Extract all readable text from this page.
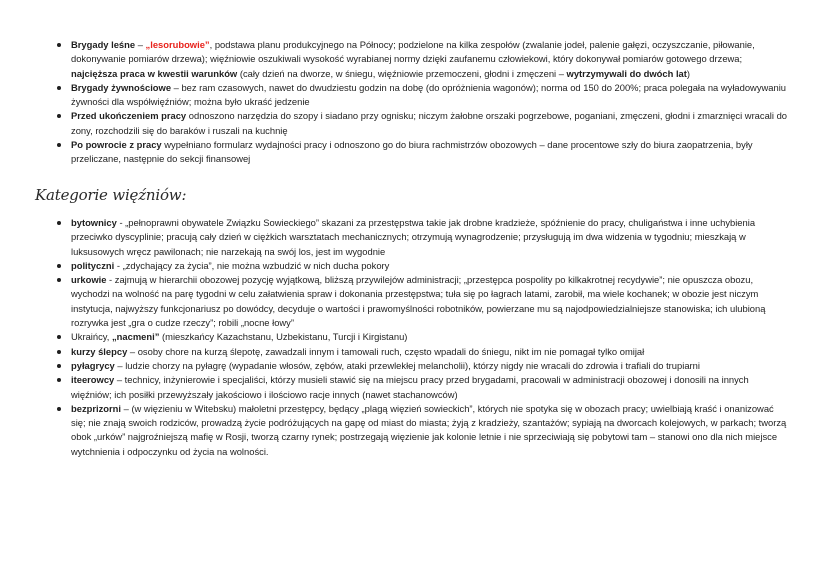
Brygady leśne – „lesorubowie”, podstawa planu produkcyjnego na Północy; podzielone na kilka zespołów (zwalanie jodeł, palenie gałęzi, oczyszczanie, piłowanie, dokonywanie pomiarów drzewa); więźniowie oszukiwali wysokość wyrabianej normy dzięki zaufanemu człowiekowi, który dokonywał pomiarów gotowego drzewa; najcięższa praca w kwestii warunków (cały dzień na dworze, w śniegu, więźniowie przemoczeni, głodni i zmęczeni – wytrzymywali do dwóch lat)
Brygady żywnościowe – bez ram czasowych, nawet do dwudziestu godzin na dobę (do opróżnienia wagonów); norma od 150 do 200%; praca polegała na wyładowywaniu żywności dla współwięźniów; można było ukraść jedzenie
Przed ukończeniem pracy odnoszono narzędzia do szopy i siadano przy ognisku; niczym żałobne orszaki pogrzebowe, poganiani, zmęczeni, głodni i zmarznięci wracali do zony, rozchodzili się do baraków i ruszali na kuchnię
Po powrocie z pracy wypełniano formularz wydajności pracy i odnoszono go do biura rachmistrzów obozowych – dane procentowe szły do biura zaopatrzenia, były przeliczane, następnie do sekcji finansowej
Kategorie więźniów:
bytownicy - „pełnoprawni obywatele Związku Sowieckiego” skazani za przestępstwa takie jak drobne kradzieże, spóźnienie do pracy, chuligaństwa i inne uchybienia przeciwko dyscyplinie; pracują cały dzień w ciężkich warsztatach mechanicznych; otrzymują wynagrodzenie; przysługują im dwa widzenia w tygodniu; mieszkają w luksusowych wręcz pawilonach; nie narzekają na swój los, jest im wygodnie
polityczni - „zdychający za życia”, nie można wzbudzić w nich ducha pokory
urkowie - zajmują w hierarchii obozowej pozycję wyjątkową, bliższą przywilejów administracji; „przestępca pospolity po kilkakrotnej recydywie”; nie opuszcza obozu, wychodzi na wolność na parę tygodni w celu załatwienia spraw i dokonania przestępstwa; tuła się po łagrach latami, zarobił, ma wiele kochanek; w obozie jest niczym instytucja, najwyższy funkcjonariusz po dowódcy, decyduje o wartości i prawomyślności robotników, powierzane mu są najodpowiedzialniejsze stanowiska; ich ulubioną rozrywka jest „gra o cudze rzeczy”; robili „nocne łowy”
Ukraińcy, „nacmeni” (mieszkańcy Kazachstanu, Uzbekistanu, Turcji i Kirgistanu)
kurzy ślepcy – osoby chore na kurzą ślepotę, zawadzali innym i tamowali ruch, często wpadali do śniegu, nikt im nie pomagał tylko omijał
pyłagrycy – ludzie chorzy na pyłagrę (wypadanie włosów, zębów, ataki przewlekłej melancholii), którzy nigdy nie wracali do zdrowia i trafiali do trupiarni
iteerowcy – technicy, inżynierowie i specjaliści, którzy musieli stawić się na miejscu pracy przed brygadami, pracowali w administracji obozowej i donosili na innych więźniów; ich posiłki przewyższały jakościowo i ilościowo racje innych (nawet stachanowców)
bezprizorni – (w więzieniu w Witebsku) małoletni przestępcy, będący „plagą więzień sowieckich”, których nie spotyka się w obozach pracy; uwielbiają kraść i onanizować się; nie znają swoich rodziców, prowadzą życie podróżujących na gapę od miast do miasta; żyją z kradzieży, szantażów; sypiają na dworcach kolejowych, w parkach; tworzą obok „urków” najgroźniejszą mafię w Rosji, tworzą czarny rynek; postrzegają więzienie jak kolonie letnie i nie sprzeciwiają się pobytowi tam – stanowi ono dla nich miejsce wytchnienia i odpoczynku od życia na wolności.
